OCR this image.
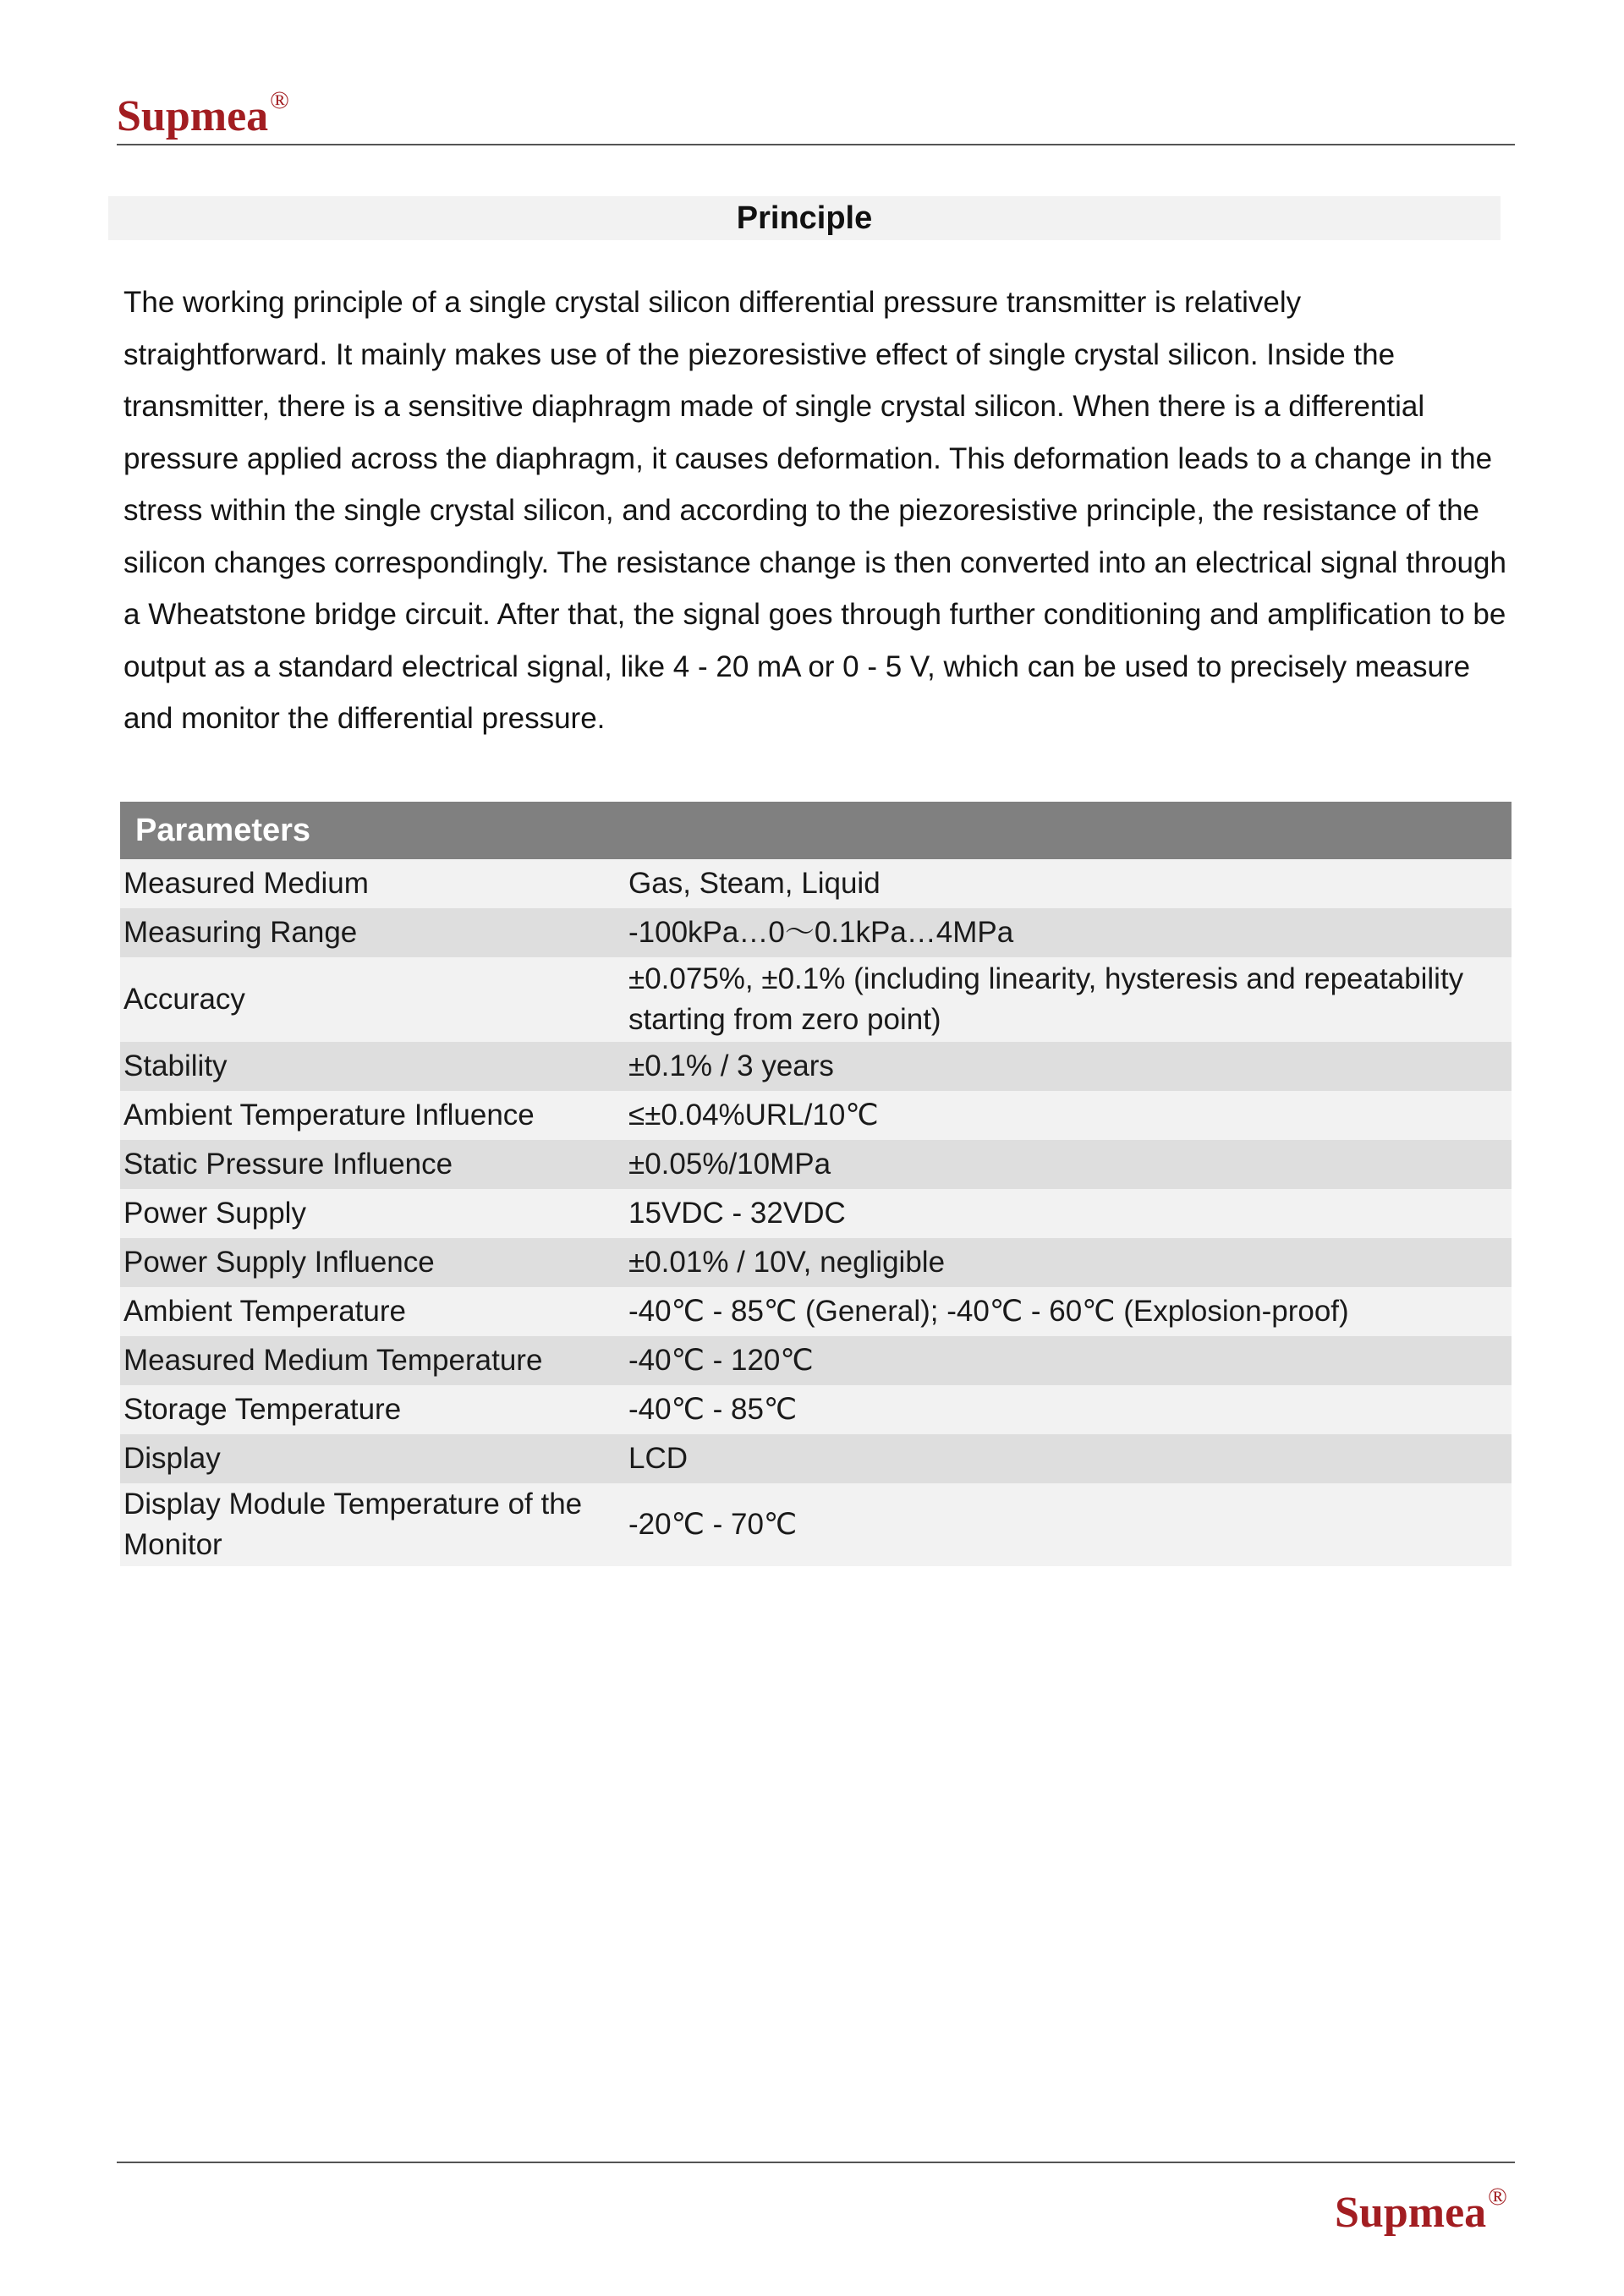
Supmea®
Principle

The working principle of a single crystal silicon differential pressure transmitter is relatively straightforward. It mainly makes use of the piezoresistive effect of single crystal silicon. Inside the transmitter, there is a sensitive diaphragm made of single crystal silicon. When there is a differential pressure applied across the diaphragm, it causes deformation. This deformation leads to a change in the stress within the single crystal silicon, and according to the piezoresistive principle, the resistance of the silicon changes correspondingly. The resistance change is then converted into an electrical signal through a Wheatstone bridge circuit. After that, the signal goes through further conditioning and amplification to be output as a standard electrical signal, like 4 - 20 mA or 0 - 5 V, which can be used to precisely measure and monitor the differential pressure.

Parameters	
Measured Medium	Gas, Steam, Liquid
Measuring Range	-100kPa…0～0.1kPa…4MPa
Accuracy	±0.075%, ±0.1% (including linearity, hysteresis and repeatability starting from zero point)
Stability	±0.1% / 3 years
Ambient Temperature Influence	≤±0.04%URL/10℃
Static Pressure Influence	±0.05%/10MPa
Power Supply	15VDC - 32VDC
Power Supply Influence	±0.01% / 10V, negligible
Ambient Temperature	-40℃ - 85℃ (General); -40℃ - 60℃ (Explosion-proof)
Measured Medium Temperature	-40℃ - 120℃
Storage Temperature	-40℃ - 85℃
Display	LCD
Display Module Temperature of the Monitor	-20℃ - 70℃
Supmea®
